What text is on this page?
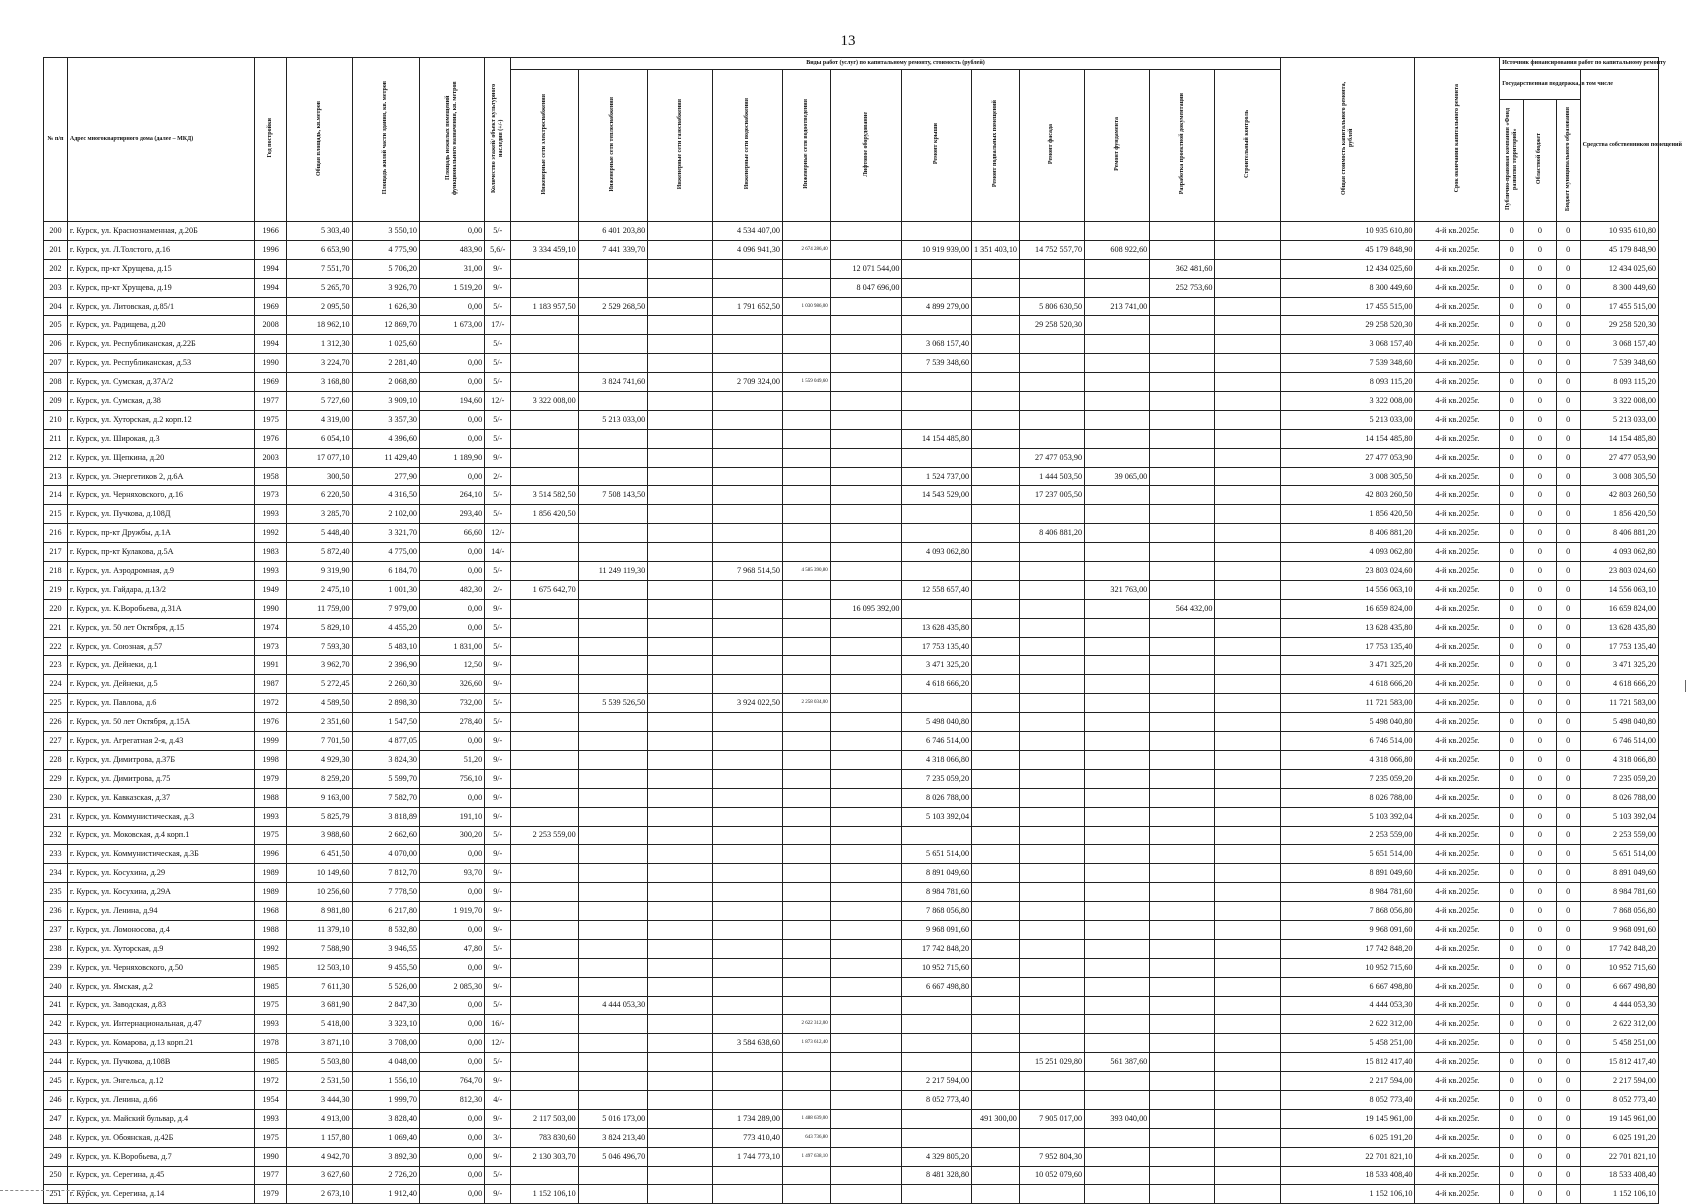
13
№ п/п	Адрес многоквартирного дома (далее – МКД)	Год постройки	Общая площадь, кв.метров	Площадь жилой части здания, кв. метров	Площадь нежилых помещений функционального назначения, кв. метров	Количество этажей/ объект культурного наследия (+/-)	Виды работ (услуг) по капитальному ремонту, стоимость (рублей)												Общая стоимость капитального ремонта, рублей	Срок окончания капитального ремонта	Источник финансирования работ по капитальному ремонту			
							Инженерные сети электроснабжения	Инженерные сети теплоснабжения	Инженерные сети газоснабжения	Инженерные сети водоснабжения	Инженерные сети водоотведения	Лифтовое оборудование	Ремонт крыши	Ремонт подвальных помещений	Ремонт фасада	Ремонт фундамента	Разработка проектной документации	Строительный контроль			Государственная поддержка, в том числе			Средства собственников помещений
																					Публично-правовая компания «Фонд развития территорий»	Областной бюджет	Бюджет муниципального образования	
200	г. Курск, ул. Краснознаменная, д.20Б	1966	5 303,40	3 550,10	0,00	5/-		6 401 203,80		4 534 407,00									10 935 610,80	4-й кв.2025г.	0	0	0	10 935 610,80
201	г. Курск, ул. Л.Толстого, д.16	1996	6 653,90	4 775,90	483,90	5,6/-	3 334 459,10	7 441 339,70		4 096 941,30	2 674 286,40		10 919 939,00	1 351 403,10	14 752 557,70	608 922,60			45 179 848,90	4-й кв.2025г.	0	0	0	45 179 848,90
202	г. Курск, пр-кт Хрущева, д.15	1994	7 551,70	5 706,20	31,00	9/-						12 071 544,00					362 481,60		12 434 025,60	4-й кв.2025г.	0	0	0	12 434 025,60
203	г. Курск, пр-кт Хрущева, д.19	1994	5 265,70	3 926,70	1 519,20	9/-						8 047 696,00					252 753,60		8 300 449,60	4-й кв.2025г.	0	0	0	8 300 449,60
204	г. Курск, ул. Литовская, д.85/1	1969	2 095,50	1 626,30	0,00	5/-	1 183 957,50	2 529 268,50		1 791 652,50	1 030 986,00		4 899 279,00		5 806 630,50	213 741,00			17 455 515,00	4-й кв.2025г.	0	0	0	17 455 515,00
205	г. Курск, ул. Радищева, д.20	2008	18 962,10	12 869,70	1 673,00	17/-									29 258 520,30				29 258 520,30	4-й кв.2025г.	0	0	0	29 258 520,30
206	г. Курск, ул. Республиканская, д.22Б	1994	1 312,30	1 025,60		5/-							3 068 157,40						3 068 157,40	4-й кв.2025г.	0	0	0	3 068 157,40
207	г. Курск, ул. Республиканская, д.53	1990	3 224,70	2 281,40	0,00	5/-							7 539 348,60						7 539 348,60	4-й кв.2025г.	0	0	0	7 539 348,60
208	г. Курск, ул. Сумская, д.37А/2	1969	3 168,80	2 068,80	0,00	5/-		3 824 741,60		2 709 324,00	1 559 049,60								8 093 115,20	4-й кв.2025г.	0	0	0	8 093 115,20
209	г. Курск, ул. Сумская, д.38	1977	5 727,60	3 909,10	194,60	12/-	3 322 008,00												3 322 008,00	4-й кв.2025г.	0	0	0	3 322 008,00
210	г. Курск, ул. Хуторская, д.2 корп.12	1975	4 319,00	3 357,30	0,00	5/-		5 213 033,00											5 213 033,00	4-й кв.2025г.	0	0	0	5 213 033,00
211	г. Курск, ул. Широкая, д.3	1976	6 054,10	4 396,60	0,00	5/-							14 154 485,80						14 154 485,80	4-й кв.2025г.	0	0	0	14 154 485,80
212	г. Курск, ул. Щепкина, д.20	2003	17 077,10	11 429,40	1 189,90	9/-									27 477 053,90				27 477 053,90	4-й кв.2025г.	0	0	0	27 477 053,90
213	г. Курск, ул. Энергетиков 2, д.6А	1958	300,50	277,90	0,00	2/-							1 524 737,00		1 444 503,50	39 065,00			3 008 305,50	4-й кв.2025г.	0	0	0	3 008 305,50
214	г. Курск, ул. Черняховского, д.16	1973	6 220,50	4 316,50	264,10	5/-	3 514 582,50	7 508 143,50					14 543 529,00		17 237 005,50				42 803 260,50	4-й кв.2025г.	0	0	0	42 803 260,50
215	г. Курск, ул. Пучкова, д.108Д	1993	3 285,70	2 102,00	293,40	5/-	1 856 420,50												1 856 420,50	4-й кв.2025г.	0	0	0	1 856 420,50
216	г. Курск, пр-кт Дружбы, д.1А	1992	5 448,40	3 321,70	66,60	12/-									8 406 881,20				8 406 881,20	4-й кв.2025г.	0	0	0	8 406 881,20
217	г. Курск, пр-кт Кулакова, д.5А	1983	5 872,40	4 775,00	0,00	14/-							4 093 062,80						4 093 062,80	4-й кв.2025г.	0	0	0	4 093 062,80
218	г. Курск, ул. Аэродромная, д.9	1993	9 319,90	6 184,70	0,00	5/-		11 249 119,30		7 968 514,50	4 585 390,80								23 803 024,60	4-й кв.2025г.	0	0	0	23 803 024,60
219	г. Курск, ул. Гайдара, д.13/2	1949	2 475,10	1 001,30	482,30	2/-	1 675 642,70						12 558 657,40			321 763,00			14 556 063,10	4-й кв.2025г.	0	0	0	14 556 063,10
220	г. Курск, ул. К.Воробьева, д.31А	1990	11 759,00	7 979,00	0,00	9/-						16 095 392,00					564 432,00		16 659 824,00	4-й кв.2025г.	0	0	0	16 659 824,00
221	г. Курск, ул. 50 лет Октября, д.15	1974	5 829,10	4 455,20	0,00	5/-							13 628 435,80						13 628 435,80	4-й кв.2025г.	0	0	0	13 628 435,80
222	г. Курск, ул. Союзная, д.57	1973	7 593,30	5 483,10	1 831,00	5/-							17 753 135,40						17 753 135,40	4-й кв.2025г.	0	0	0	17 753 135,40
223	г. Курск, ул. Дейнеки, д.1	1991	3 962,70	2 396,90	12,50	9/-							3 471 325,20						3 471 325,20	4-й кв.2025г.	0	0	0	3 471 325,20
224	г. Курск, ул. Дейнеки, д.5	1987	5 272,45	2 260,30	326,60	9/-							4 618 666,20						4 618 666,20	4-й кв.2025г.	0	0	0	4 618 666,20
225	г. Курск, ул. Павлова, д.6	1972	4 589,50	2 898,30	732,00	5/-		5 539 526,50		3 924 022,50	2 258 034,00								11 721 583,00	4-й кв.2025г.	0	0	0	11 721 583,00
226	г. Курск, ул. 50 лет Октября, д.15А	1976	2 351,60	1 547,50	278,40	5/-							5 498 040,80						5 498 040,80	4-й кв.2025г.	0	0	0	5 498 040,80
227	г. Курск, ул. Агрегатная 2-я, д.43	1999	7 701,50	4 877,05	0,00	9/-							6 746 514,00						6 746 514,00	4-й кв.2025г.	0	0	0	6 746 514,00
228	г. Курск, ул. Димитрова, д.37Б	1998	4 929,30	3 824,30	51,20	9/-							4 318 066,80						4 318 066,80	4-й кв.2025г.	0	0	0	4 318 066,80
229	г. Курск, ул. Димитрова, д.75	1979	8 259,20	5 599,70	756,10	9/-							7 235 059,20						7 235 059,20	4-й кв.2025г.	0	0	0	7 235 059,20
230	г. Курск, ул. Кавказская, д.37	1988	9 163,00	7 582,70	0,00	9/-							8 026 788,00						8 026 788,00	4-й кв.2025г.	0	0	0	8 026 788,00
231	г. Курск, ул. Коммунистическая, д.3	1993	5 825,79	3 818,89	191,10	9/-							5 103 392,04						5 103 392,04	4-й кв.2025г.	0	0	0	5 103 392,04
232	г. Курск, ул. Моковская, д.4 корп.1	1975	3 988,60	2 662,60	300,20	5/-	2 253 559,00												2 253 559,00	4-й кв.2025г.	0	0	0	2 253 559,00
233	г. Курск, ул. Коммунистическая, д.3Б	1996	6 451,50	4 070,00	0,00	9/-							5 651 514,00						5 651 514,00	4-й кв.2025г.	0	0	0	5 651 514,00
234	г. Курск, ул. Косухина, д.29	1989	10 149,60	7 812,70	93,70	9/-							8 891 049,60						8 891 049,60	4-й кв.2025г.	0	0	0	8 891 049,60
235	г. Курск, ул. Косухина, д.29А	1989	10 256,60	7 778,50	0,00	9/-							8 984 781,60						8 984 781,60	4-й кв.2025г.	0	0	0	8 984 781,60
236	г. Курск, ул. Ленина, д.94	1968	8 981,80	6 217,80	1 919,70	9/-							7 868 056,80						7 868 056,80	4-й кв.2025г.	0	0	0	7 868 056,80
237	г. Курск, ул. Ломоносова, д.4	1988	11 379,10	8 532,80	0,00	9/-							9 968 091,60						9 968 091,60	4-й кв.2025г.	0	0	0	9 968 091,60
238	г. Курск, ул. Хуторская, д.9	1992	7 588,90	3 946,55	47,80	5/-							17 742 848,20						17 742 848,20	4-й кв.2025г.	0	0	0	17 742 848,20
239	г. Курск, ул. Черняховского, д.50	1985	12 503,10	9 455,50	0,00	9/-							10 952 715,60						10 952 715,60	4-й кв.2025г.	0	0	0	10 952 715,60
240	г. Курск, ул. Ямская, д.2	1985	7 611,30	5 526,00	2 085,30	9/-							6 667 498,80						6 667 498,80	4-й кв.2025г.	0	0	0	6 667 498,80
241	г. Курск, ул. Заводская, д.83	1975	3 681,90	2 847,30	0,00	5/-		4 444 053,30											4 444 053,30	4-й кв.2025г.	0	0	0	4 444 053,30
242	г. Курск, ул. Интернациональная, д.47	1993	5 418,00	3 323,10	0,00	16/-					2 622 312,00								2 622 312,00	4-й кв.2025г.	0	0	0	2 622 312,00
243	г. Курск, ул. Комарова, д.13 корп.21	1978	3 871,10	3 708,00	0,00	12/-				3 584 638,60	1 873 612,40								5 458 251,00	4-й кв.2025г.	0	0	0	5 458 251,00
244	г. Курск, ул. Пучкова, д.108В	1985	5 503,80	4 048,00	0,00	5/-									15 251 029,80	561 387,60			15 812 417,40	4-й кв.2025г.	0	0	0	15 812 417,40
245	г. Курск, ул. Энгельса, д.12	1972	2 531,50	1 556,10	764,70	9/-							2 217 594,00						2 217 594,00	4-й кв.2025г.	0	0	0	2 217 594,00
246	г. Курск, ул. Ленина, д.66	1954	3 444,30	1 999,70	812,30	4/-							8 052 773,40						8 052 773,40	4-й кв.2025г.	0	0	0	8 052 773,40
247	г. Курск, ул. Майский бульвар, д.4	1993	4 913,00	3 828,40	0,00	9/-	2 117 503,00	5 016 173,00		1 734 289,00	1 488 639,00			491 300,00	7 905 017,00	393 040,00			19 145 961,00	4-й кв.2025г.	0	0	0	19 145 961,00
248	г. Курск, ул. Обоянская, д.42Б	1975	1 157,80	1 069,40	0,00	3/-	783 830,60	3 824 213,40		773 410,40	643 736,80								6 025 191,20	4-й кв.2025г.	0	0	0	6 025 191,20
249	г. Курск, ул. К.Воробьева, д.7	1990	4 942,70	3 892,30	0,00	9/-	2 130 303,70	5 046 496,70		1 744 773,10	1 497 638,10		4 329 805,20		7 952 804,30				22 701 821,10	4-й кв.2025г.	0	0	0	22 701 821,10
250	г. Курск, ул. Серегина, д.45	1977	3 627,60	2 726,20	0,00	5/-							8 481 328,80		10 052 079,60				18 533 408,40	4-й кв.2025г.	0	0	0	18 533 408,40
251	г. Курск, ул. Серегина, д.14	1979	2 673,10	1 912,40	0,00	9/-	1 152 106,10												1 152 106,10	4-й кв.2025г.	0	0	0	1 152 106,10
